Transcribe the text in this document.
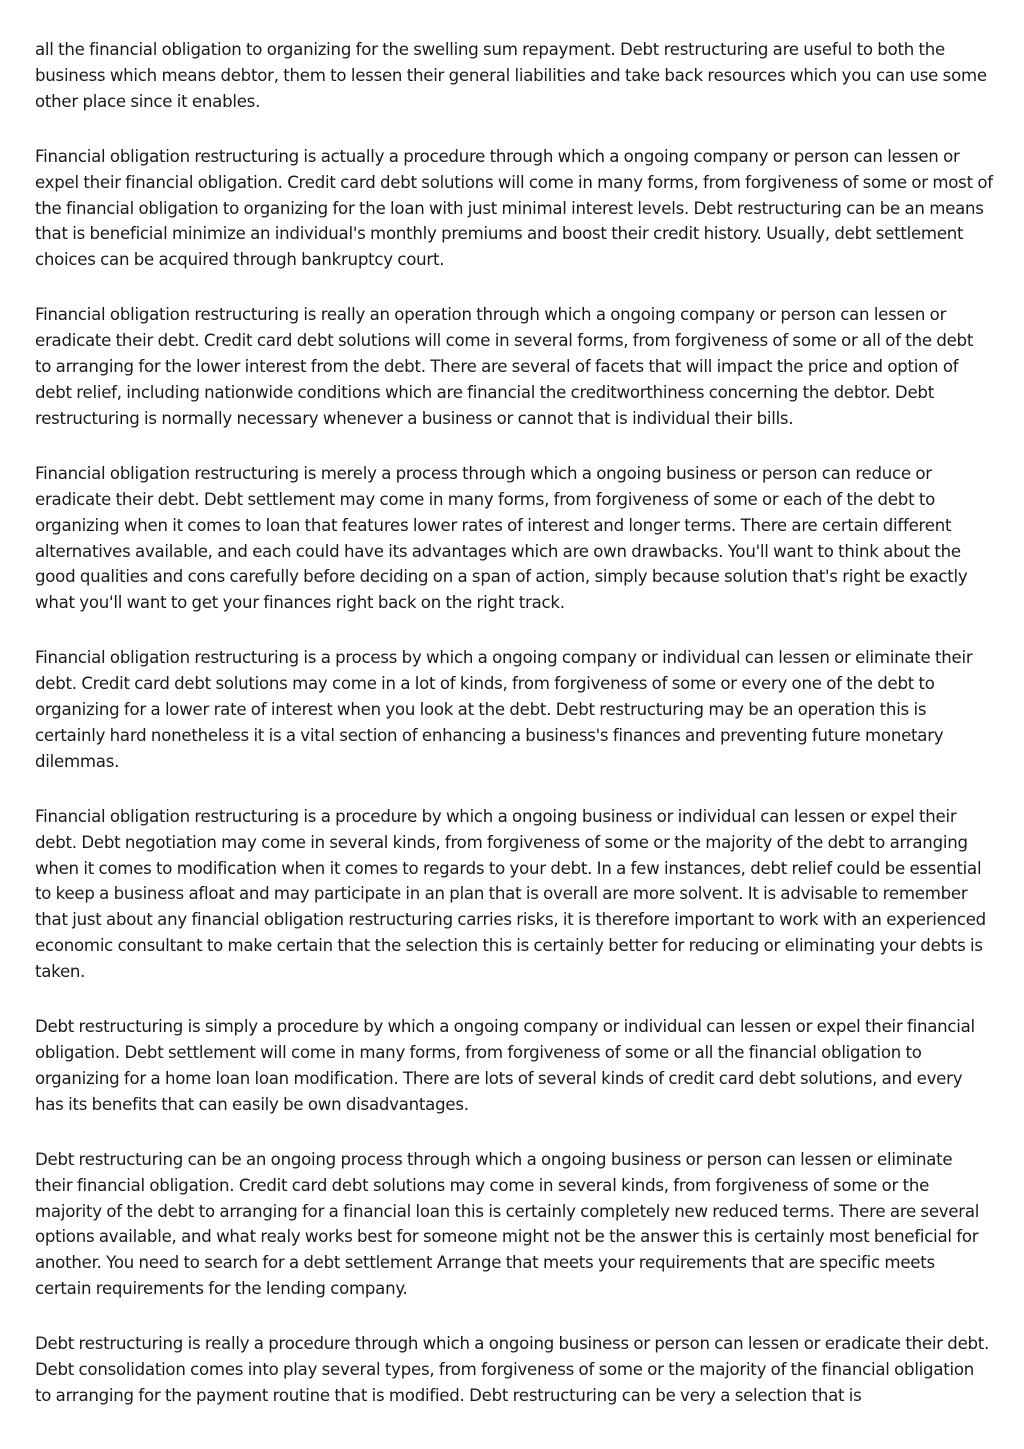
all the financial obligation to organizing for the swelling sum repayment. Debt restructuring are useful to both the business which means debtor, them to lessen their general liabilities and take back resources which you can use some other place since it enables.

Financial obligation restructuring is actually a procedure through which a ongoing company or person can lessen or expel their financial obligation. Credit card debt solutions will come in many forms, from forgiveness of some or most of the financial obligation to organizing for the loan with just minimal interest levels. Debt restructuring can be an means that is beneficial minimize an individual's monthly premiums and boost their credit history. Usually, debt settlement choices can be acquired through bankruptcy court.

Financial obligation restructuring is really an operation through which a ongoing company or person can lessen or eradicate their debt. Credit card debt solutions will come in several forms, from forgiveness of some or all of the debt to arranging for the lower interest from the debt. There are several of facets that will impact the price and option of debt relief, including nationwide conditions which are financial the creditworthiness concerning the debtor. Debt restructuring is normally necessary whenever a business or cannot that is individual their bills.

Financial obligation restructuring is merely a process through which a ongoing business or person can reduce or eradicate their debt. Debt settlement may come in many forms, from forgiveness of some or each of the debt to organizing when it comes to loan that features lower rates of interest and longer terms. There are certain different alternatives available, and each could have its advantages which are own drawbacks. You'll want to think about the good qualities and cons carefully before deciding on a span of action, simply because solution that's right be exactly what you'll want to get your finances right back on the right track.

Financial obligation restructuring is a process by which a ongoing company or individual can lessen or eliminate their debt. Credit card debt solutions may come in a lot of kinds, from forgiveness of some or every one of the debt to organizing for a lower rate of interest when you look at the debt. Debt restructuring may be an operation this is certainly hard nonetheless it is a vital section of enhancing a business's finances and preventing future monetary dilemmas.

Financial obligation restructuring is a procedure by which a ongoing business or individual can lessen or expel their debt. Debt negotiation may come in several kinds, from forgiveness of some or the majority of the debt to arranging when it comes to modification when it comes to regards to your debt. In a few instances, debt relief could be essential to keep a business afloat and may participate in an plan that is overall are more solvent. It is advisable to remember that just about any financial obligation restructuring carries risks, it is therefore important to work with an experienced economic consultant to make certain that the selection this is certainly better for reducing or eliminating your debts is taken.

Debt restructuring is simply a procedure by which a ongoing company or individual can lessen or expel their financial obligation. Debt settlement will come in many forms, from forgiveness of some or all the financial obligation to organizing for a home loan loan modification. There are lots of several kinds of credit card debt solutions, and every has its benefits that can easily be own disadvantages.

Debt restructuring can be an ongoing process through which a ongoing business or person can lessen or eliminate their financial obligation. Credit card debt solutions may come in several kinds, from forgiveness of some or the majority of the debt to arranging for a financial loan this is certainly completely new reduced terms. There are several options available, and what realy works best for someone might not be the answer this is certainly most beneficial for another. You need to search for a debt settlement Arrange that meets your requirements that are specific meets certain requirements for the lending company.

Debt restructuring is really a procedure through which a ongoing business or person can lessen or eradicate their debt. Debt consolidation comes into play several types, from forgiveness of some or the majority of the financial obligation to arranging for the payment routine that is modified. Debt restructuring can be very a selection that is
